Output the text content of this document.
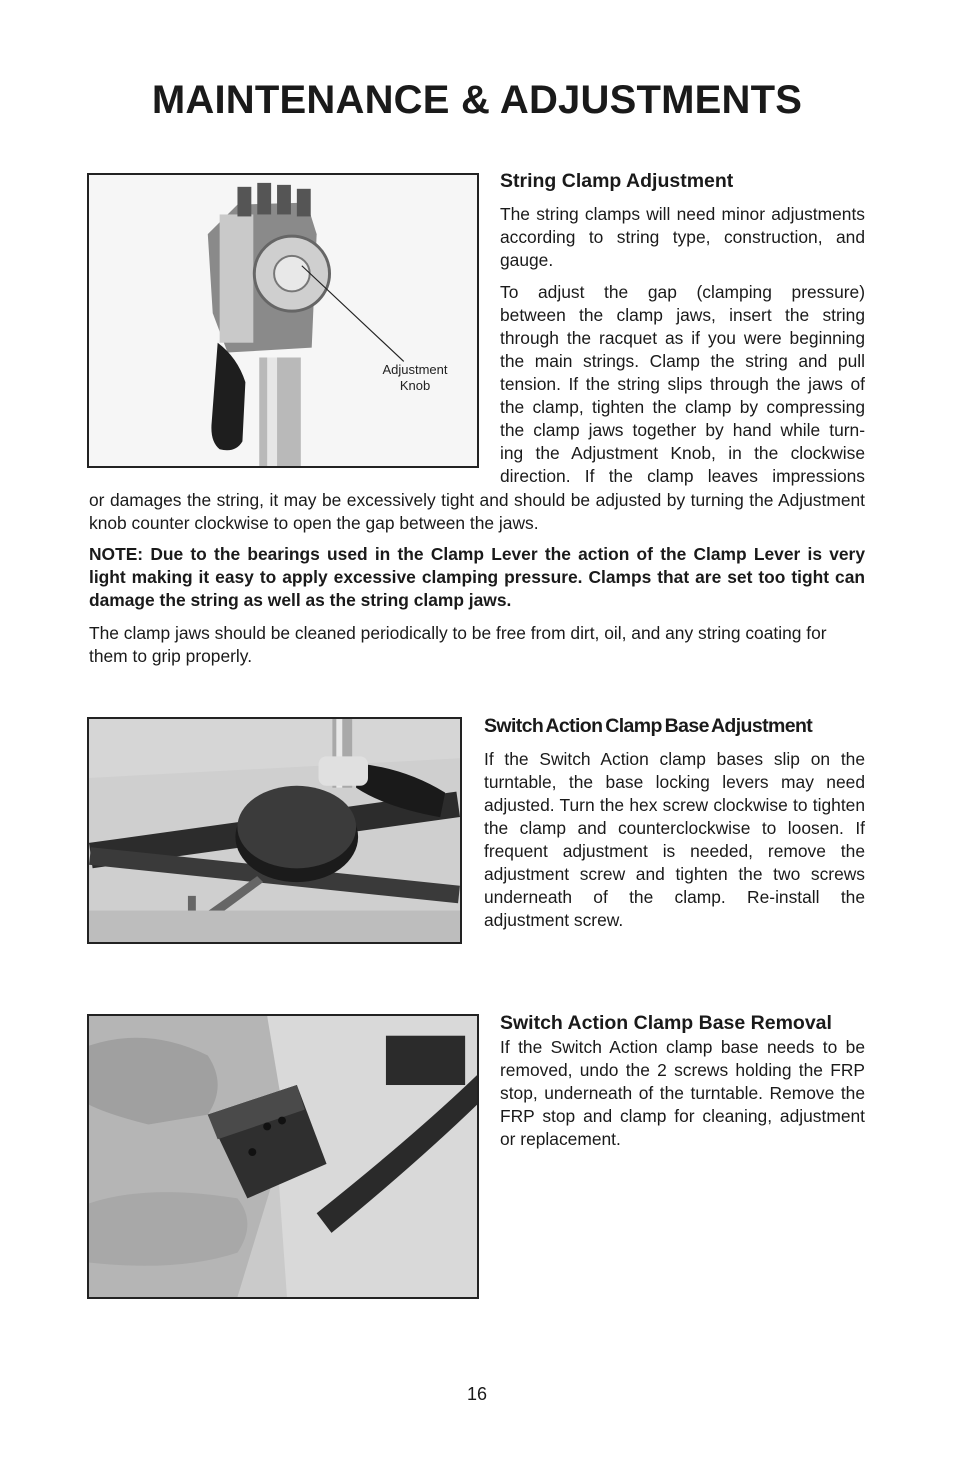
MAINTENANCE & ADJUSTMENTS
Adjustment
Knob
String Clamp Adjustment

The string clamps will need minor adjustments according to string type, construction, and gauge.

To adjust the gap (clamping pressure)
between the clamp jaws, insert the string
through the racquet as if you were beginning
the main strings. Clamp the string and pull
tension. If the string slips through the jaws of
the clamp, tighten the clamp by compressing
the clamp jaws together by hand while turn-
ing the Adjustment Knob, in the clockwise
direction. If the clamp leaves impressions

or damages the string, it may be excessively tight and should be adjusted by turning the Adjustment knob counter clockwise to open the gap between the jaws.

NOTE: Due to the bearings used in the Clamp Lever the action of the Clamp Lever is very light making it easy to apply excessive clamping pressure. Clamps that are set too tight can damage the string as well as the string clamp jaws.

The clamp jaws should be cleaned periodically to be free from dirt, oil, and any string coating for them to grip properly.

Switch Action Clamp Base Adjustment

If the Switch Action clamp bases slip on the turntable, the base locking levers may need adjusted. Turn the hex screw clockwise to tighten the clamp and counterclockwise to loosen. If frequent adjustment is needed, remove the adjustment screw and tighten the two screws underneath of the clamp. Re-install the adjustment screw.

Switch Action Clamp Base Removal

If the Switch Action clamp base needs to be removed, undo the 2 screws holding the FRP stop, underneath of the turntable. Remove the FRP stop and clamp for cleaning, adjustment or replacement.

16
